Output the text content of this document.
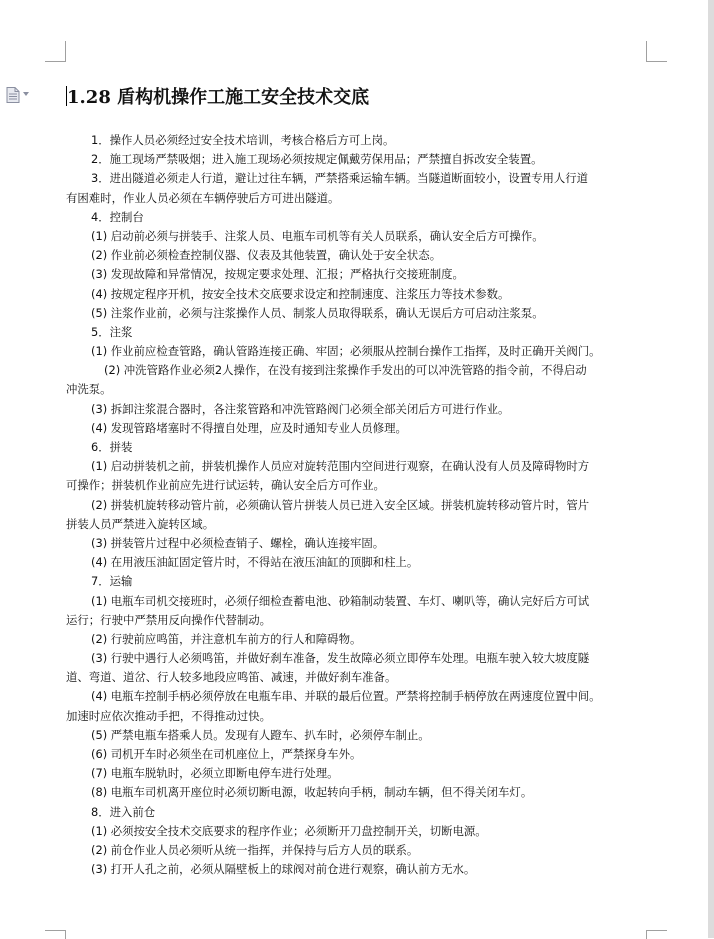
1.28 盾构机操作工施工安全技术交底
1．操作人员必须经过安全技术培训，考核合格后方可上岗。
2．施工现场严禁吸烟；进入施工现场必须按规定佩戴劳保用品；严禁擅自拆改安全装置。
3．进出隧道必须走人行道，避让过往车辆，严禁搭乘运输车辆。当隧道断面较小，设置专用人行道
有困难时，作业人员必须在车辆停驶后方可进出隧道。
4．控制台
(1) 启动前必须与拼装手、注浆人员、电瓶车司机等有关人员联系，确认安全后方可操作。
(2) 作业前必须检查控制仪器、仪表及其他装置，确认处于安全状态。
(3) 发现故障和异常情况，按规定要求处理、汇报；严格执行交接班制度。
(4) 按规定程序开机，按安全技术交底要求设定和控制速度、注浆压力等技术参数。
(5) 注浆作业前，必须与注浆操作人员、制浆人员取得联系，确认无误后方可启动注浆泵。
5．注浆
(1) 作业前应检查管路，确认管路连接正确、牢固；必须服从控制台操作工指挥，及时正确开关阀门。
(2) 冲洗管路作业必须2人操作，在没有接到注浆操作手发出的可以冲洗管路的指令前，不得启动
冲洗泵。
(3) 拆卸注浆混合器时，各注浆管路和冲洗管路阀门必须全部关闭后方可进行作业。
(4) 发现管路堵塞时不得擅自处理，应及时通知专业人员修理。
6．拼装
(1) 启动拼装机之前，拼装机操作人员应对旋转范围内空间进行观察，在确认没有人员及障碍物时方
可操作；拼装机作业前应先进行试运转，确认安全后方可作业。
(2) 拼装机旋转移动管片前，必须确认管片拼装人员已进入安全区域。拼装机旋转移动管片时，管片
拼装人员严禁进入旋转区域。
(3) 拼装管片过程中必须检查销子、螺栓，确认连接牢固。
(4) 在用液压油缸固定管片时，不得站在液压油缸的顶脚和柱上。
7．运输
(1) 电瓶车司机交接班时，必须仔细检查蓄电池、砂箱制动装置、车灯、喇叭等，确认完好后方可试
运行；行驶中严禁用反向操作代替制动。
(2) 行驶前应鸣笛，并注意机车前方的行人和障碍物。
(3) 行驶中遇行人必须鸣笛，并做好刹车准备，发生故障必须立即停车处理。电瓶车驶入较大坡度隧
道、弯道、道岔、行人较多地段应鸣笛、减速，并做好刹车准备。
(4) 电瓶车控制手柄必须停放在电瓶车串、并联的最后位置。严禁将控制手柄停放在两速度位置中间。
加速时应依次推动手把，不得推动过快。
(5) 严禁电瓶车搭乘人员。发现有人蹬车、扒车时，必须停车制止。
(6) 司机开车时必须坐在司机座位上，严禁探身车外。
(7) 电瓶车脱轨时，必须立即断电停车进行处理。
(8) 电瓶车司机离开座位时必须切断电源，收起转向手柄，制动车辆，但不得关闭车灯。
8．进入前仓
(1) 必须按安全技术交底要求的程序作业；必须断开刀盘控制开关，切断电源。
(2) 前仓作业人员必须听从统一指挥，并保持与后方人员的联系。
(3) 打开人孔之前，必须从隔壁板上的球阀对前仓进行观察，确认前方无水。
